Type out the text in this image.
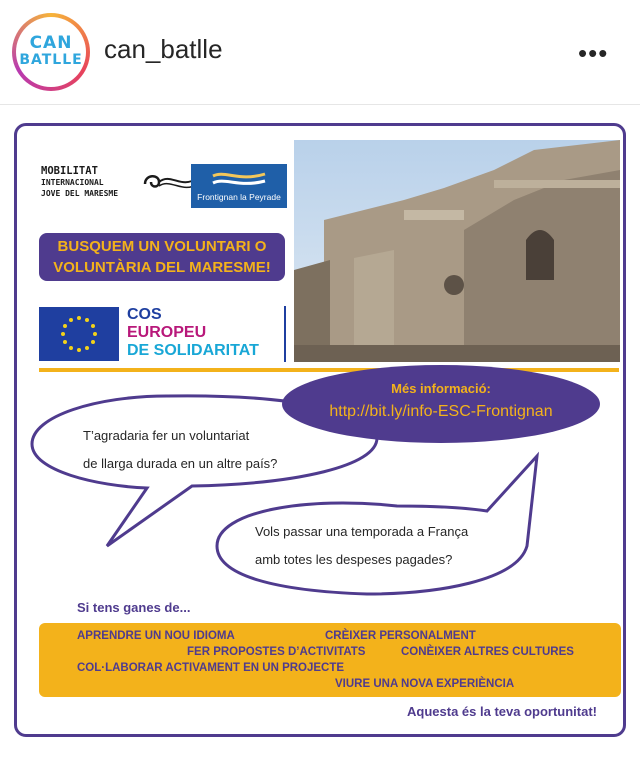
CAN
BATLLE can_batlle	•••
MOBILITAT
INTERNACIONAL
JOVE DEL MARESME	Frontignan la Peyrade
BUSQUEM UN VOLUNTARI O
VOLUNTÀRIA DEL MARESME!
COS
EUROPEU
DE SOLIDARITAT
Més informació:
http://bit.ly/info-ESC-Frontignan
T’agradaria fer un voluntariat
de llarga durada en un altre país?
Vols passar una temporada a França
amb totes les despeses pagades?
Si tens ganes de...
APRENDRE UN NOU IDIOMA	CRÈIXER PERSONALMENT
FER PROPOSTES D’ACTIVITATS	CONÈIXER ALTRES CULTURES
COL·LABORAR ACTIVAMENT EN UN PROJECTE
VIURE UNA NOVA EXPERIÈNCIA
Aquesta és la teva oportunitat!
